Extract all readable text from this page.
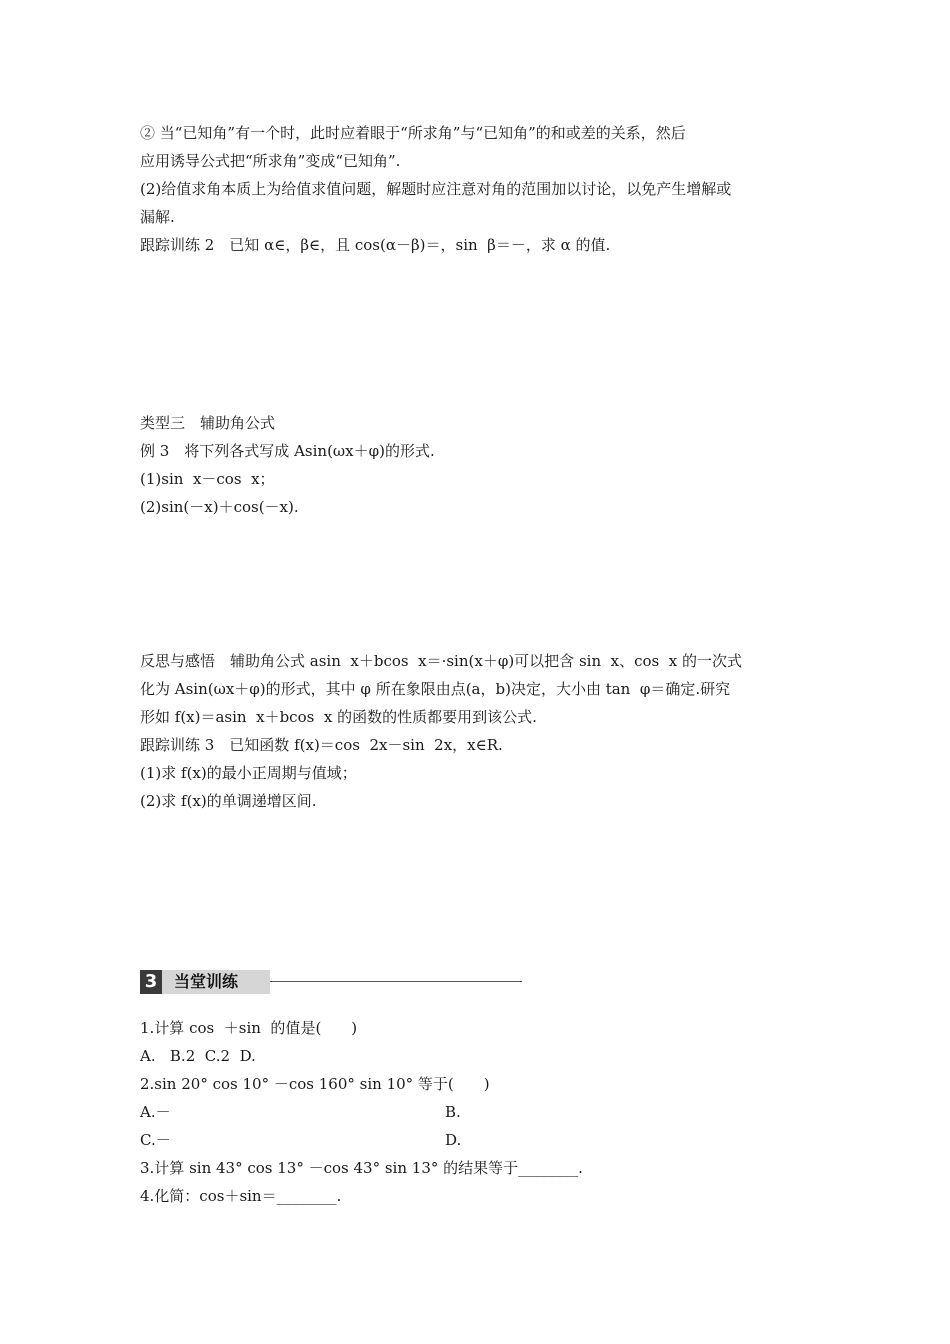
② 当“已知角”有一个时，此时应着眼于“所求角”与“已知角”的和或差的关系，然后
应用诱导公式把“所求角”变成“已知角”.
(2)给值求角本质上为给值求值问题，解题时应注意对角的范围加以讨论，以免产生增解或
漏解.
跟踪训练 2　已知 α∈，β∈，且 cos(α－β)＝，sin  β＝－，求 α 的值.
类型三　辅助角公式
例 3　将下列各式写成 Asin(ωx＋φ)的形式.
(1)sin  x－cos  x；
(2)sin(－x)＋cos(－x).
反思与感悟　辅助角公式 asin  x＋bcos  x＝·sin(x＋φ)可以把含 sin  x、cos  x 的一次式
化为 Asin(ωx＋φ)的形式，其中 φ 所在象限由点(a，b)决定，大小由 tan  φ＝确定.研究
形如 f(x)＝asin  x＋bcos  x 的函数的性质都要用到该公式.
跟踪训练 3　已知函数 f(x)＝cos  2x－sin  2x，x∈R.
(1)求 f(x)的最小正周期与值域；
(2)求 f(x)的单调递增区间.
3	当堂训练
1.计算 cos  ＋sin  的值是(　　)
A.   B.2  C.2  D.
2.sin 20° cos 10° －cos 160° sin 10° 等于(　　)
A.－	B.
C.－	D.
3.计算 sin 43° cos 13° －cos 43° sin 13° 的结果等于________.
4.化简：cos＋sin＝________.
